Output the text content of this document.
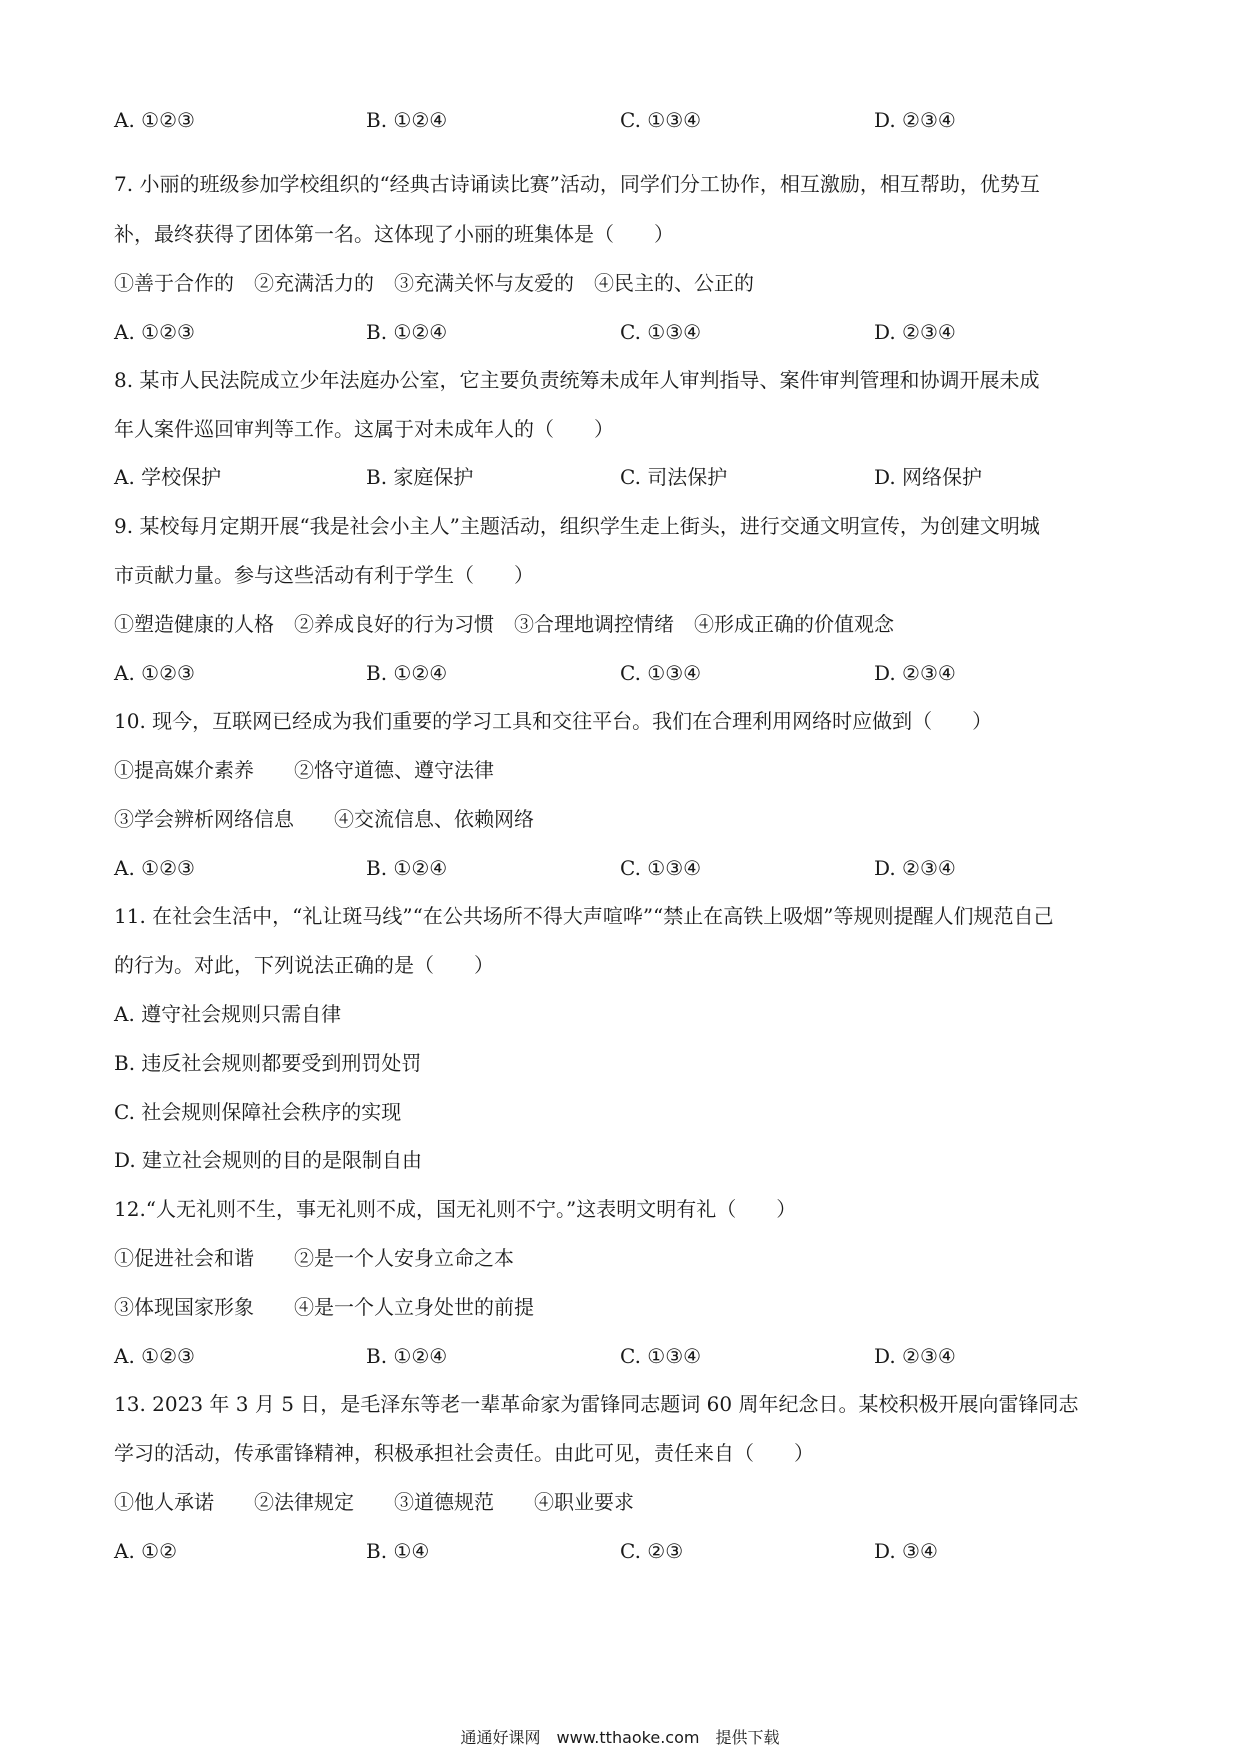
A. ①②③	B. ①②④	C. ①③④	D. ②③④
7. 小丽的班级参加学校组织的“经典古诗诵读比赛”活动，同学们分工协作，相互激励，相互帮助，优势互
补，最终获得了团体第一名。这体现了小丽的班集体是（　　）
①善于合作的　②充满活力的　③充满关怀与友爱的　④民主的、公正的
A. ①②③	B. ①②④	C. ①③④	D. ②③④
8. 某市人民法院成立少年法庭办公室，它主要负责统筹未成年人审判指导、案件审判管理和协调开展未成
年人案件巡回审判等工作。这属于对未成年人的（　　）
A. 学校保护	B. 家庭保护	C. 司法保护	D. 网络保护
9. 某校每月定期开展“我是社会小主人”主题活动，组织学生走上街头，进行交通文明宣传，为创建文明城
市贡献力量。参与这些活动有利于学生（　　）
①塑造健康的人格　②养成良好的行为习惯　③合理地调控情绪　④形成正确的价值观念
A. ①②③	B. ①②④	C. ①③④	D. ②③④
10. 现今，互联网已经成为我们重要的学习工具和交往平台。我们在合理利用网络时应做到（　　）
①提高媒介素养　　②恪守道德、遵守法律
③学会辨析网络信息　　④交流信息、依赖网络
A. ①②③	B. ①②④	C. ①③④	D. ②③④
11. 在社会生活中，“礼让斑马线”“在公共场所不得大声喧哗”“禁止在高铁上吸烟”等规则提醒人们规范自己
的行为。对此，下列说法正确的是（　　）
A. 遵守社会规则只需自律
B. 违反社会规则都要受到刑罚处罚
C. 社会规则保障社会秩序的实现
D. 建立社会规则的目的是限制自由
12.“人无礼则不生，事无礼则不成，国无礼则不宁。”这表明文明有礼（　　）
①促进社会和谐　　②是一个人安身立命之本
③体现国家形象　　④是一个人立身处世的前提
A. ①②③	B. ①②④	C. ①③④	D. ②③④
13. 2023 年 3 月 5 日，是毛泽东等老一辈革命家为雷锋同志题词 60 周年纪念日。某校积极开展向雷锋同志
学习的活动，传承雷锋精神，积极承担社会责任。由此可见，责任来自（　　）
①他人承诺　　②法律规定　　③道德规范　　④职业要求
A. ①②	B. ①④	C. ②③	D. ③④
通通好课网　www.tthaoke.com　提供下载
